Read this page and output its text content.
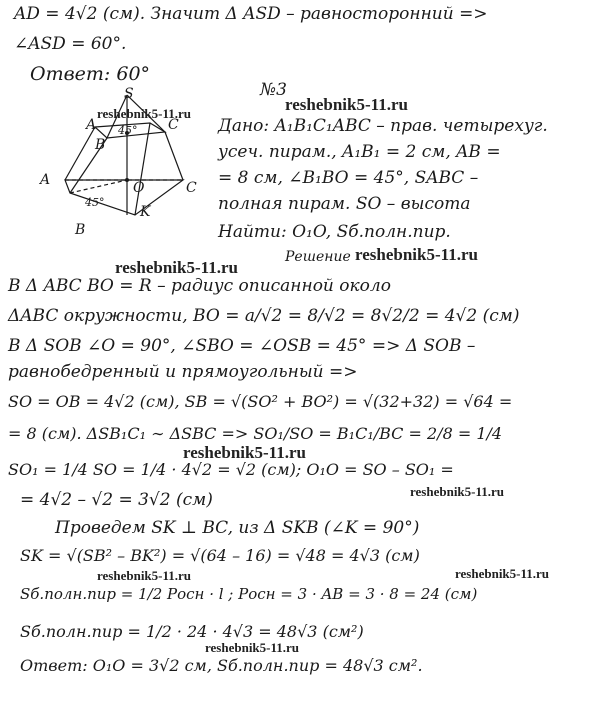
AD = 4√2 (см). Значит Δ ASD – равносторонний =>
∠ASD = 60°.
Ответ: 60°
№3
S
A	C
B
45°
A	O	C
45°
K
B
Дано: A₁B₁C₁ABC – прав. четырехуг.
усеч. пирам., A₁B₁ = 2 см, AB =
= 8 см, ∠B₁BO = 45°, SABC –
полная пирам. SO – высота
Найти: O₁O, Sб.полн.пир.
Решение
В Δ ABC BO = R – радиус описанной около
ΔABC окружности, BO = a/√2 = 8/√2 = 8√2/2 = 4√2 (см)
В Δ SOB ∠O = 90°, ∠SBO = ∠OSB = 45° => Δ SOB –
равнобедренный и прямоугольный =>
SO = OB = 4√2 (см), SB = √(SO² + BO²) = √(32+32) = √64 =
= 8 (см). ΔSB₁C₁ ∼ ΔSBC => SO₁/SO = B₁C₁/BC = 2/8 = 1/4
SO₁ = 1/4 SO = 1/4 · 4√2 = √2 (см); O₁O = SO – SO₁ =
= 4√2 – √2 = 3√2 (см)
Проведем SK ⊥ BC, из Δ SKB (∠K = 90°)
SK = √(SB² – BK²) = √(64 – 16) = √48 = 4√3 (см)
Sб.полн.пир = 1/2 Pосн · l ; Pосн = 3 · AB = 3 · 8 = 24 (см)
Sб.полн.пир = 1/2 · 24 · 4√3 = 48√3 (см²)
Ответ: O₁O = 3√2 см, Sб.полн.пир = 48√3 см².
reshebnik5-11.ru
reshebnik5-11.ru
reshebnik5-11.ru
reshebnik5-11.ru
reshebnik5-11.ru
reshebnik5-11.ru
reshebnik5-11.ru	reshebnik5-11.ru
reshebnik5-11.ru
